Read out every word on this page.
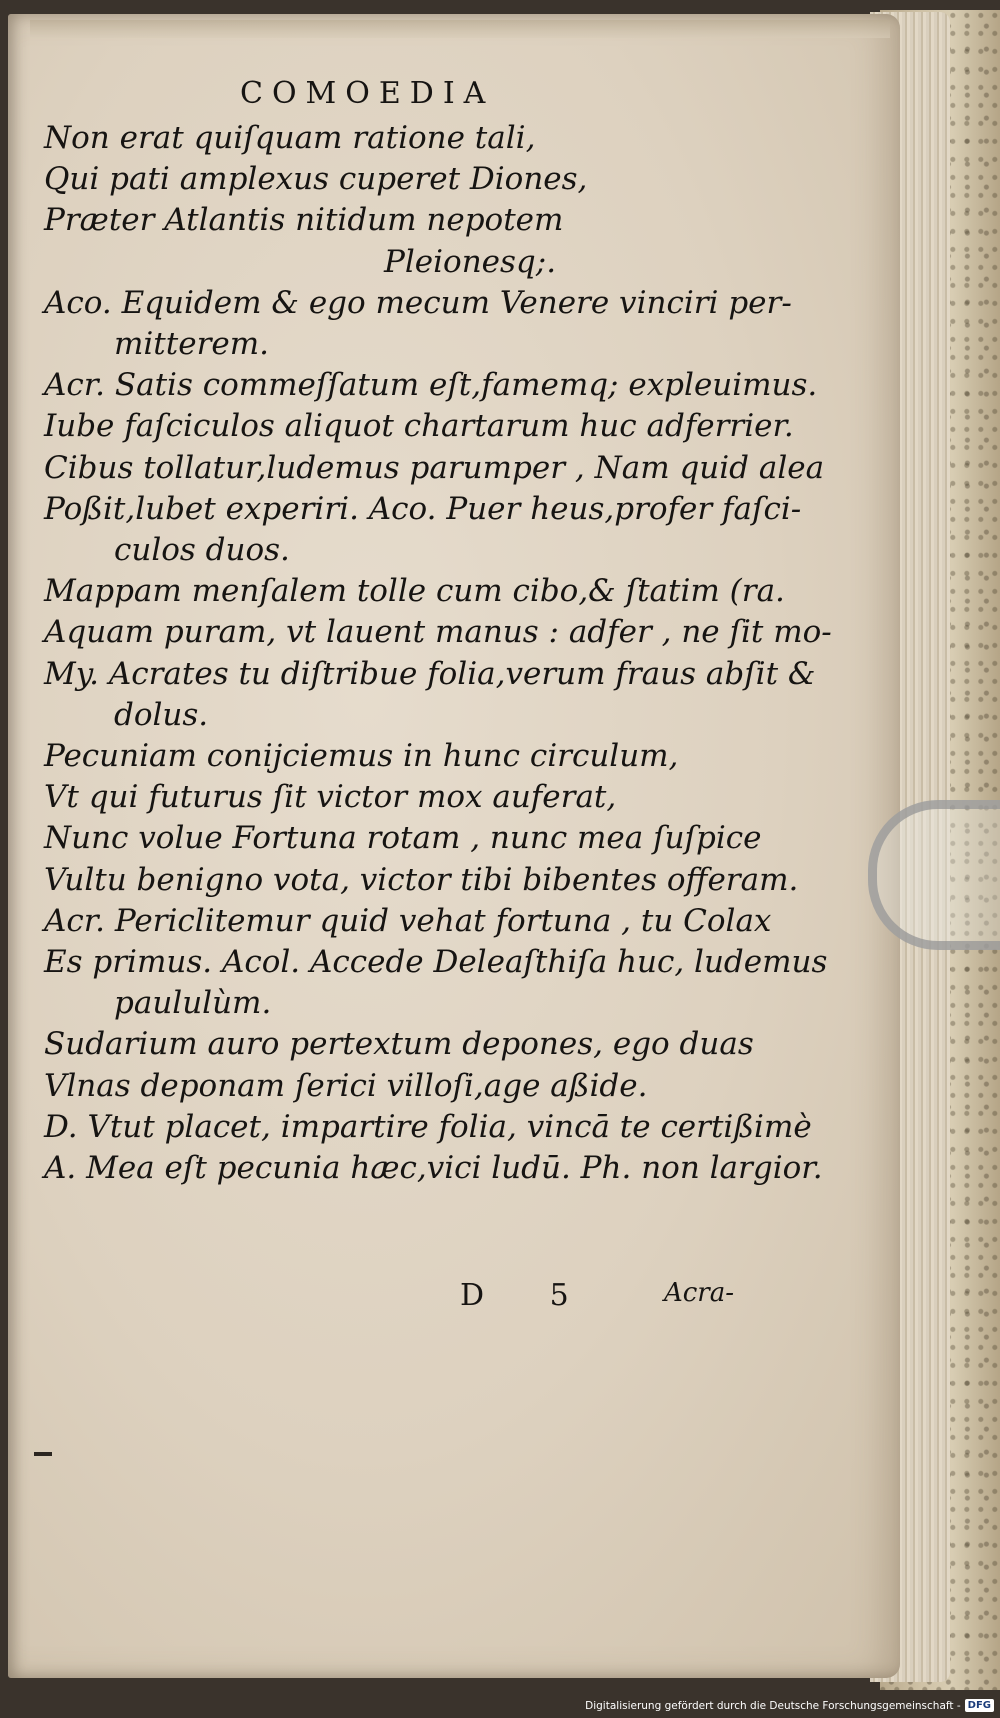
COMOEDIA
Non erat quiſquam ratione tali,
Qui pati amplexus cuperet Diones,
Præter Atlantis nitidum nepotem
Pleionesq;.
Aco. Equidem & ego mecum Venere vinciri per-
mitterem.
Acr. Satis commeſſatum eſt,famemq; expleuimus.
Iube faſciculos aliquot chartarum huc adferrier.
Cibus tollatur,ludemus parumper , Nam quid alea
Poßit,lubet experiri. Aco. Puer heus,profer faſci-
culos duos.
Mappam menſalem tolle cum cibo,& ſtatim (ra.
Aquam puram, vt lauent manus : adfer , ne ſit mo-
My. Acrates tu diſtribue folia,verum fraus abſit &
dolus.
Pecuniam conijciemus in hunc circulum,
Vt qui futurus ſit victor mox auferat,
Nunc volue Fortuna rotam , nunc mea ſuſpice
Vultu benigno vota, victor tibi bibentes offeram.
Acr. Periclitemur quid vehat fortuna , tu Colax
Es primus. Acol. Accede Deleaſthiſa huc, ludemus
paululùm.
Sudarium auro pertextum depones, ego duas
Vlnas deponam ſerici villoſi,age aßide.
D. Vtut placet, impartire folia, vincā te certißimè
A. Mea eſt pecunia hæc,vici ludū. Ph. non largior.
D 5	Acra-
Digitalisierung gefördert durch die Deutsche Forschungsgemeinschaft - DFG
